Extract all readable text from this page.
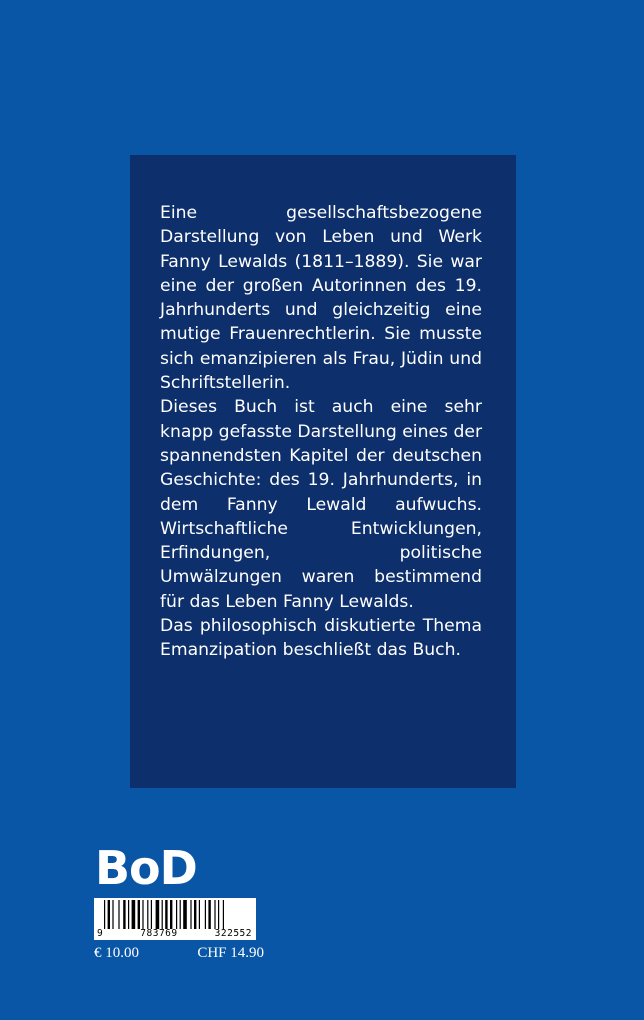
Eine gesellschaftsbezogene Darstellung von Leben und Werk Fanny Lewalds (1811–1889). Sie war eine der großen Autorinnen des 19. Jahrhunderts und gleichzeitig eine mutige Frauenrechtlerin. Sie musste sich emanzipieren als Frau, Jüdin und Schriftstellerin.

Dieses Buch ist auch eine sehr knapp gefasste Darstellung eines der spannendsten Kapitel der deutschen Geschichte: des 19. Jahrhunderts, in dem Fanny Lewald aufwuchs. Wirtschaftliche Entwicklungen, Erfindungen, politische Umwälzungen waren bestimmend für das Leben Fanny Lewalds.

Das philosophisch diskutierte Thema Emanzipation beschließt das Buch.

BoD
9	783769	322552
€ 10.00	CHF 14.90
